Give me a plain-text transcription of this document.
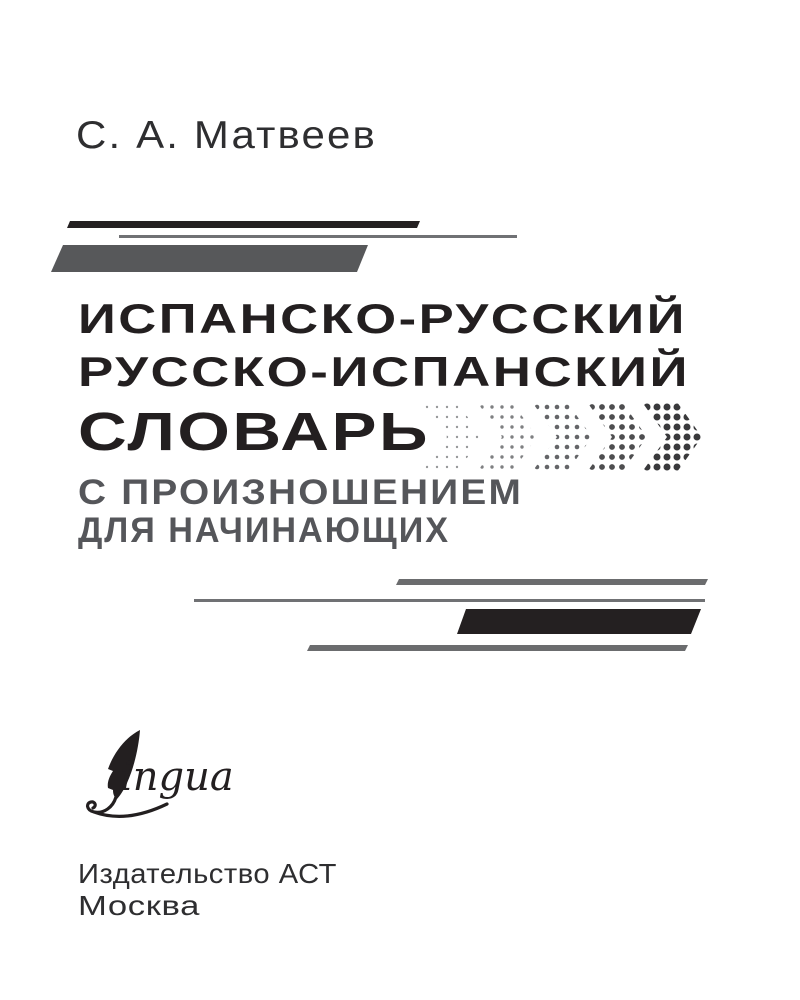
С. А. Матвеев
ИСПАНСКО-РУССКИЙ
РУССКО-ИСПАНСКИЙ
СЛОВАРЬ
С ПРОИЗНОШЕНИЕМ
ДЛЯ НАЧИНАЮЩИХ
ingua
Издательство АСТ
Москва
